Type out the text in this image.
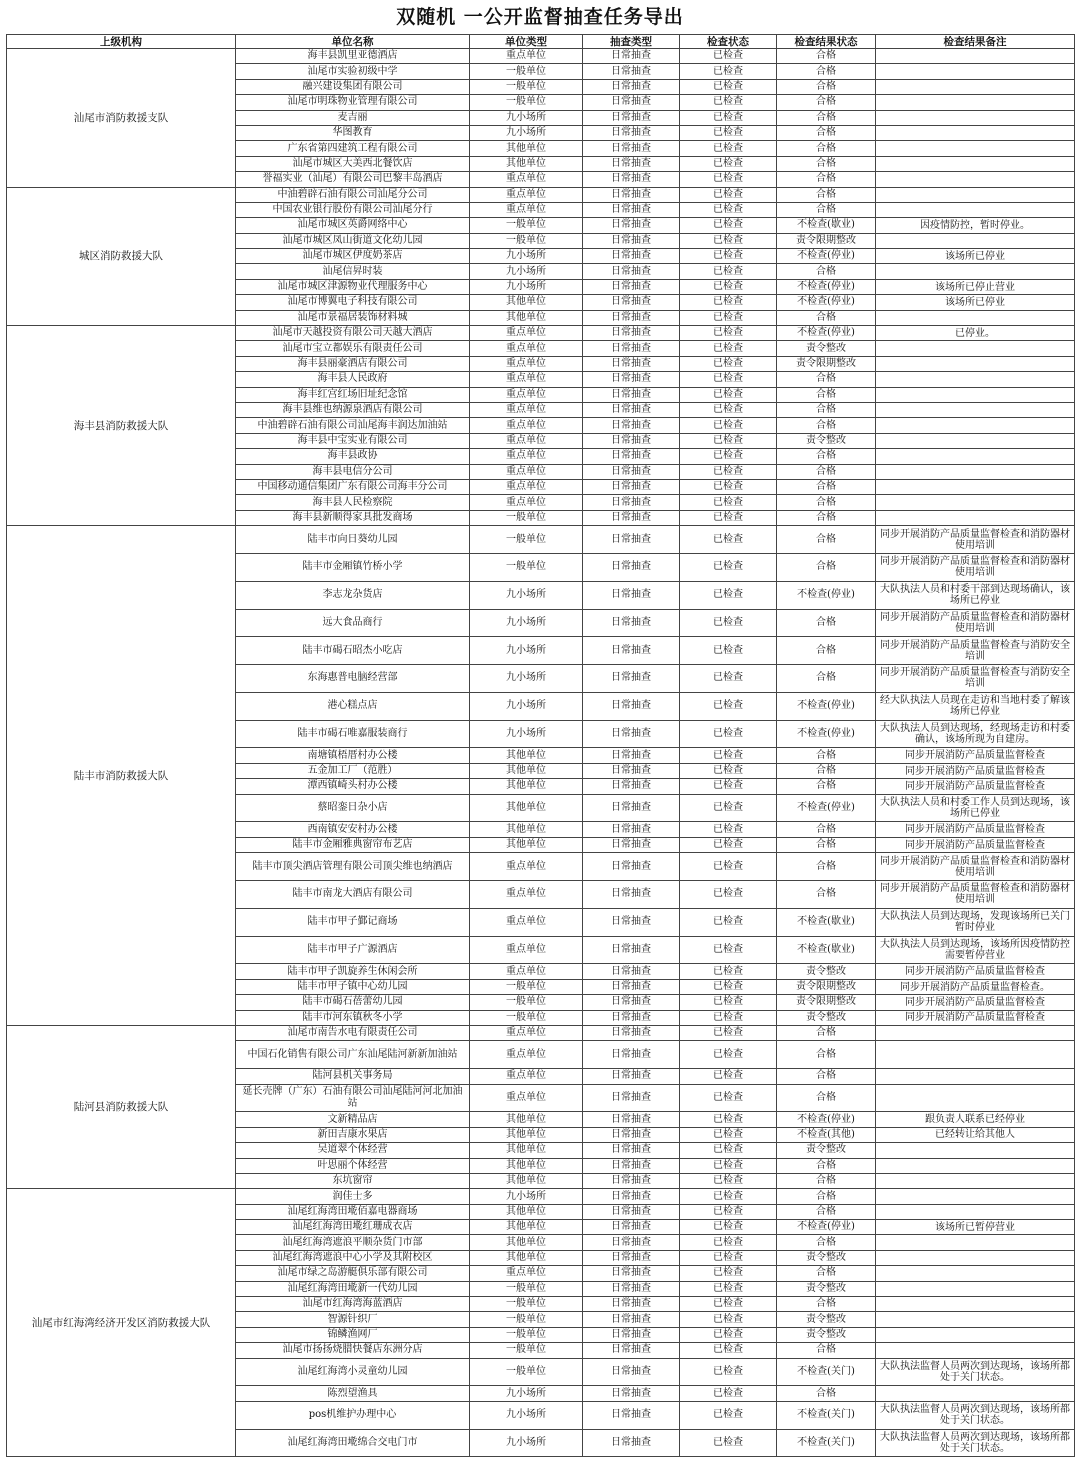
双随机 一公开监督抽查任务导出
上级机构	单位名称	单位类型	抽查类型	检查状态	检查结果状态	检查结果备注
汕尾市消防救援支队	海丰县凯里亚德酒店	重点单位	日常抽查	已检查	合格	
	汕尾市实验初级中学	一般单位	日常抽查	已检查	合格	
	融兴建设集团有限公司	一般单位	日常抽查	已检查	合格	
	汕尾市明珠物业管理有限公司	一般单位	日常抽查	已检查	合格	
	麦吉丽	九小场所	日常抽查	已检查	合格	
	华图教育	九小场所	日常抽查	已检查	合格	
	广东省第四建筑工程有限公司	其他单位	日常抽查	已检查	合格	
	汕尾市城区大美西北餐饮店	其他单位	日常抽查	已检查	合格	
	誉福实业（汕尾）有限公司巴黎丰岛酒店	重点单位	日常抽查	已检查	合格	
城区消防救援大队	中油碧辟石油有限公司汕尾分公司	重点单位	日常抽查	已检查	合格	
	中国农业银行股份有限公司汕尾分行	重点单位	日常抽查	已检查	合格	
	汕尾市城区英爵网络中心	一般单位	日常抽查	已检查	不检查(歇业)	因疫情防控，暂时停业。
	汕尾市城区凤山街道文化幼儿园	一般单位	日常抽查	已检查	责令限期整改	
	汕尾市城区伊度奶茶店	九小场所	日常抽查	已检查	不检查(停业)	该场所已停业
	汕尾信昇时装	九小场所	日常抽查	已检查	合格	
	汕尾市城区津源物业代理服务中心	九小场所	日常抽查	已检查	不检查(停业)	该场所已停止营业
	汕尾市博翼电子科技有限公司	其他单位	日常抽查	已检查	不检查(停业)	该场所已停业
	汕尾市景福居装饰材料城	其他单位	日常抽查	已检查	合格	
海丰县消防救援大队	汕尾市天越投资有限公司天越大酒店	重点单位	日常抽查	已检查	不检查(停业)	已停业。
	汕尾市宝立都娱乐有限责任公司	重点单位	日常抽查	已检查	责令整改	
	海丰县丽豪酒店有限公司	重点单位	日常抽查	已检查	责令限期整改	
	海丰县人民政府	重点单位	日常抽查	已检查	合格	
	海丰红宫红场旧址纪念馆	重点单位	日常抽查	已检查	合格	
	海丰县维也纳源泉酒店有限公司	重点单位	日常抽查	已检查	合格	
	中油碧辟石油有限公司汕尾海丰润达加油站	重点单位	日常抽查	已检查	合格	
	海丰县中宝实业有限公司	重点单位	日常抽查	已检查	责令整改	
	海丰县政协	重点单位	日常抽查	已检查	合格	
	海丰县电信分公司	重点单位	日常抽查	已检查	合格	
	中国移动通信集团广东有限公司海丰分公司	重点单位	日常抽查	已检查	合格	
	海丰县人民检察院	重点单位	日常抽查	已检查	合格	
	海丰县新顺得家具批发商场	一般单位	日常抽查	已检查	合格	
陆丰市消防救援大队	陆丰市向日葵幼儿园	一般单位	日常抽查	已检查	合格	同步开展消防产品质量监督检查和消防器材使用培训
	陆丰市金厢镇竹桥小学	一般单位	日常抽查	已检查	合格	同步开展消防产品质量监督检查和消防器材使用培训
	李志龙杂货店	九小场所	日常抽查	已检查	不检查(停业)	大队执法人员和村委干部到达现场确认，该场所已停业
	远大食品商行	九小场所	日常抽查	已检查	合格	同步开展消防产品质量监督检查和消防器材使用培训
	陆丰市碣石昭杰小吃店	九小场所	日常抽查	已检查	合格	同步开展消防产品质量监督检查与消防安全培训
	东海惠普电脑经营部	九小场所	日常抽查	已检查	合格	同步开展消防产品质量监督检查与消防安全培训
	港心糕点店	九小场所	日常抽查	已检查	不检查(停业)	经大队执法人员现在走访和当地村委了解该场所已停业
	陆丰市碣石唯嘉服装商行	九小场所	日常抽查	已检查	不检查(停业)	大队执法人员到达现场，经现场走访和村委确认，该场所现为自建房。
	南塘镇梧厝村办公楼	其他单位	日常抽查	已检查	合格	同步开展消防产品质量监督检查
	五金加工厂（范胜）	其他单位	日常抽查	已检查	合格	同步开展消防产品质量监督检查
	潭西镇崎头村办公楼	其他单位	日常抽查	已检查	合格	同步开展消防产品质量监督检查
	蔡昭銮日杂小店	其他单位	日常抽查	已检查	不检查(停业)	大队执法人员和村委工作人员到达现场，该场所已停业
	西南镇安安村办公楼	其他单位	日常抽查	已检查	合格	同步开展消防产品质量监督检查
	陆丰市金厢雅典窗帘布艺店	其他单位	日常抽查	已检查	合格	同步开展消防产品质量监督检查
	陆丰市顶尖酒店管理有限公司顶尖维也纳酒店	重点单位	日常抽查	已检查	合格	同步开展消防产品质量监督检查和消防器材使用培训
	陆丰市南龙大酒店有限公司	重点单位	日常抽查	已检查	合格	同步开展消防产品质量监督检查和消防器材使用培训
	陆丰市甲子鄞记商场	重点单位	日常抽查	已检查	不检查(歇业)	大队执法人员到达现场，发现该场所已关门暂时停业
	陆丰市甲子广源酒店	重点单位	日常抽查	已检查	不检查(歇业)	大队执法人员到达现场，该场所因疫情防控需要暂停营业
	陆丰市甲子凯旋养生休闲会所	重点单位	日常抽查	已检查	责令整改	同步开展消防产品质量监督检查
	陆丰市甲子镇中心幼儿园	一般单位	日常抽查	已检查	责令限期整改	同步开展消防产品质量监督检查。
	陆丰市碣石蓓蕾幼儿园	一般单位	日常抽查	已检查	责令限期整改	同步开展消防产品质量监督检查
	陆丰市河东镇秋冬小学	一般单位	日常抽查	已检查	责令整改	同步开展消防产品质量监督检查
陆河县消防救援大队	汕尾市南告水电有限责任公司	重点单位	日常抽查	已检查	合格	
	中国石化销售有限公司广东汕尾陆河新新加油站	重点单位	日常抽查	已检查	合格	
	陆河县机关事务局	重点单位	日常抽查	已检查	合格	
	延长壳牌（广东）石油有限公司汕尾陆河河北加油站	重点单位	日常抽查	已检查	合格	
	文新精品店	其他单位	日常抽查	已检查	不检查(停业)	跟负责人联系已经停业
	新田吉康水果店	其他单位	日常抽查	已检查	不检查(其他)	已经转让给其他人
	吴道翠个体经营	其他单位	日常抽查	已检查	责令整改	
	叶思丽个体经营	其他单位	日常抽查	已检查	合格	
	东坑窗帘	其他单位	日常抽查	已检查	合格	
汕尾市红海湾经济开发区消防救援大队	润佳士多	九小场所	日常抽查	已检查	合格	
	汕尾红海湾田墘佰嘉电器商场	其他单位	日常抽查	已检查	合格	
	汕尾红海湾田墘红珊成衣店	其他单位	日常抽查	已检查	不检查(停业)	该场所已暂停营业
	汕尾红海湾遮浪平顺杂货门市部	其他单位	日常抽查	已检查	合格	
	汕尾红海湾遮浪中心小学及其附校区	其他单位	日常抽查	已检查	责令整改	
	汕尾市绿之岛游艇俱乐部有限公司	重点单位	日常抽查	已检查	合格	
	汕尾红海湾田墘新一代幼儿园	一般单位	日常抽查	已检查	责令整改	
	汕尾市红海湾海蓝酒店	一般单位	日常抽查	已检查	合格	
	智源针织厂	一般单位	日常抽查	已检查	责令整改	
	锦鳞渔网厂	一般单位	日常抽查	已检查	责令整改	
	汕尾市扬扬烧腊快餐店东洲分店	一般单位	日常抽查	已检查	合格	
	汕尾红海湾小灵童幼儿园	一般单位	日常抽查	已检查	不检查(关门)	大队执法监督人员两次到达现场，该场所都处于关门状态。
	陈烈望渔具	九小场所	日常抽查	已检查	合格	
	pos机维护办理中心	九小场所	日常抽查	已检查	不检查(关门)	大队执法监督人员两次到达现场，该场所都处于关门状态。
	汕尾红海湾田墘绵合交电门市	九小场所	日常抽查	已检查	不检查(关门)	大队执法监督人员两次到达现场，该场所都处于关门状态。
